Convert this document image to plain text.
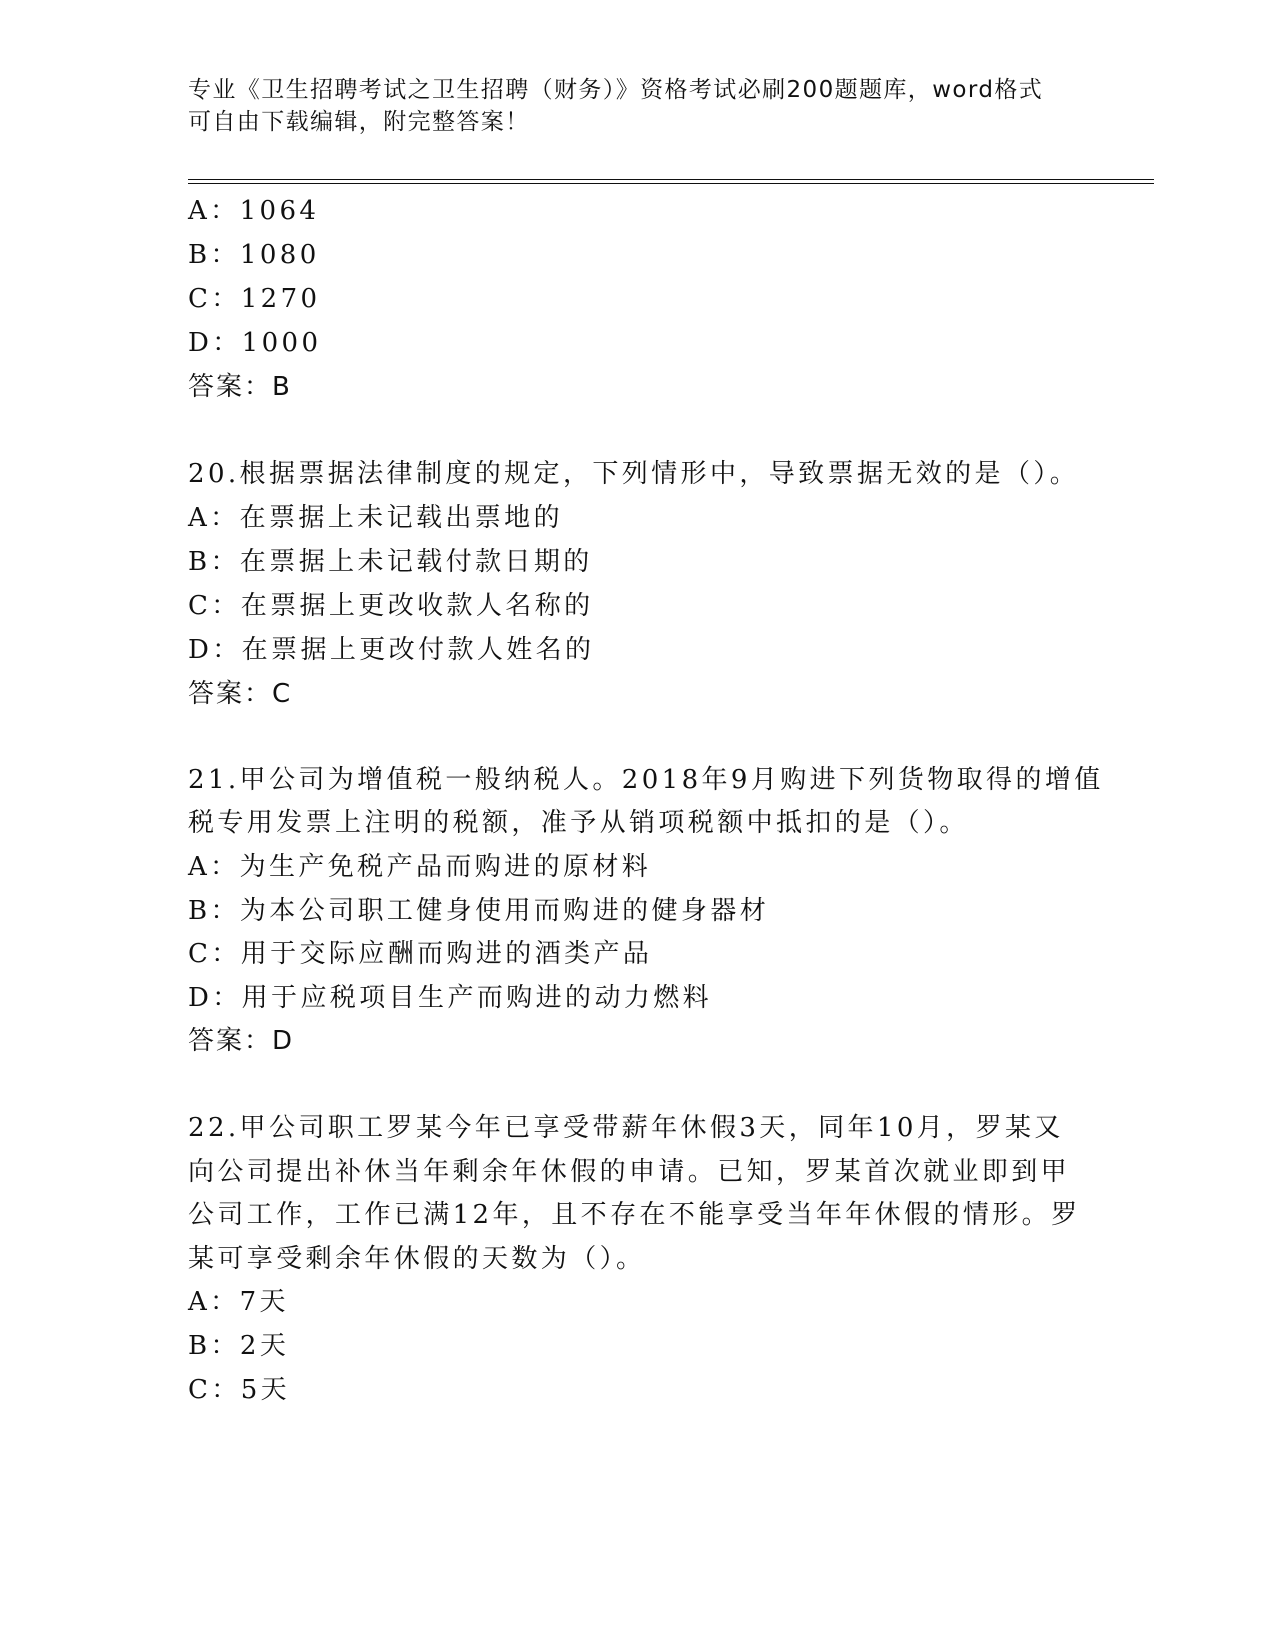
专业《卫生招聘考试之卫生招聘（财务）》资格考试必刷200题题库，word格式
可自由下载编辑，附完整答案！
A：1064
B：1080
C：1270
D：1000
答案：B
20.根据票据法律制度的规定，下列情形中，导致票据无效的是（）。
A：在票据上未记载出票地的
B：在票据上未记载付款日期的
C：在票据上更改收款人名称的
D：在票据上更改付款人姓名的
答案：C
21.甲公司为增值税一般纳税人。2018年9月购进下列货物取得的增值
税专用发票上注明的税额，准予从销项税额中抵扣的是（）。
A：为生产免税产品而购进的原材料
B：为本公司职工健身使用而购进的健身器材
C：用于交际应酬而购进的酒类产品
D：用于应税项目生产而购进的动力燃料
答案：D
22.甲公司职工罗某今年已享受带薪年休假3天，同年10月，罗某又
向公司提出补休当年剩余年休假的申请。已知，罗某首次就业即到甲
公司工作，工作已满12年，且不存在不能享受当年年休假的情形。罗
某可享受剩余年休假的天数为（）。
A：7天
B：2天
C：5天
